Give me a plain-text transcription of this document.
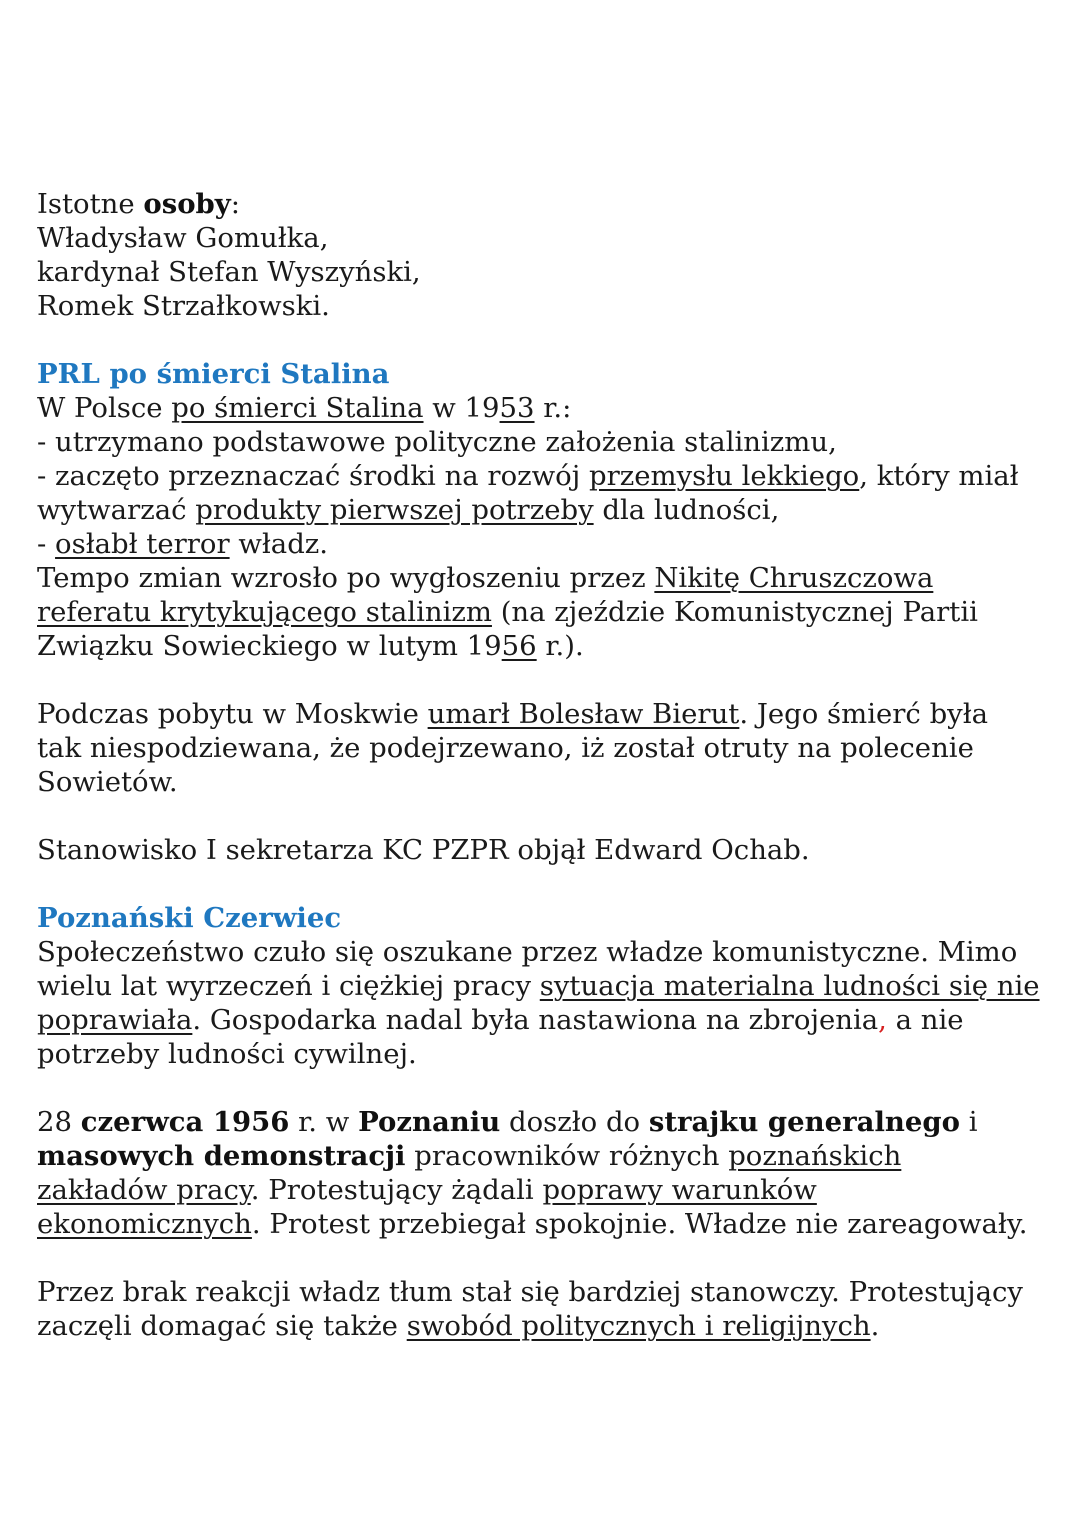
Istotne osoby:

Władysław Gomułka,
kardynał Stefan Wyszyński,
Romek Strzałkowski.
PRL po śmierci Stalina

W Polsce po śmierci Stalina w 1953 r.:

- utrzymano podstawowe polityczne założenia stalinizmu,

- zaczęto przeznaczać środki na rozwój przemysłu lekkiego, który miał wytwarzać produkty pierwszej potrzeby dla ludności,

- osłabł terror władz.

Tempo zmian wzrosło po wygłoszeniu przez Nikitę Chruszczowa referatu krytykującego stalinizm (na zjeździe Komunistycznej Partii Związku Sowieckiego w lutym 1956 r.).

Podczas pobytu w Moskwie umarł Bolesław Bierut. Jego śmierć była tak niespodziewana, że podejrzewano, iż został otruty na polecenie Sowietów.

Stanowisko I sekretarza KC PZPR objął Edward Ochab.

Poznański Czerwiec

Społeczeństwo czuło się oszukane przez władze komunistyczne. Mimo wielu lat wyrzeczeń i ciężkiej pracy sytuacja materialna ludności się nie poprawiała. Gospodarka nadal była nastawiona na zbrojenia, a nie potrzeby ludności cywilnej.

28 czerwca 1956 r. w Poznaniu doszło do strajku generalnego i masowych demonstracji pracowników różnych poznańskich zakładów pracy. Protestujący żądali poprawy warunków ekonomicznych. Protest przebiegał spokojnie. Władze nie zareagowały.

Przez brak reakcji władz tłum stał się bardziej stanowczy. Protestujący zaczęli domagać się także swobód politycznych i religijnych.
